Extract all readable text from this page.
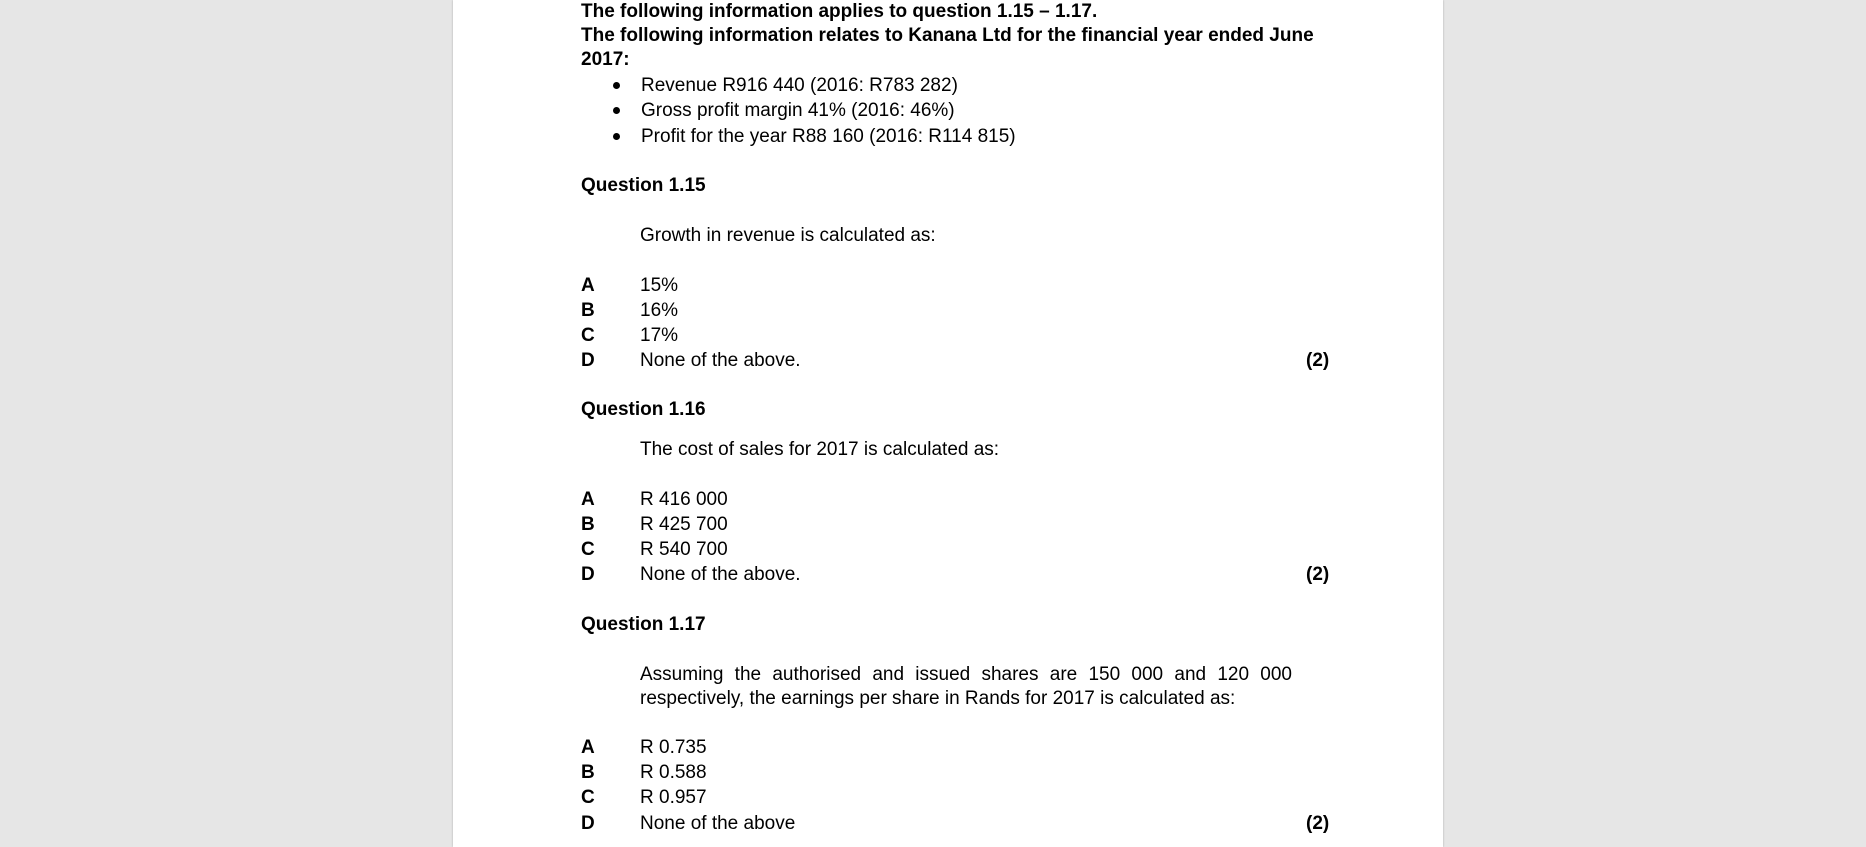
The following information applies to question 1.15 – 1.17.
The following information relates to Kanana Ltd for the financial year ended June
2017:
Revenue R916 440 (2016: R783 282)
Gross profit margin 41% (2016: 46%)
Profit for the year R88 160 (2016: R114 815)
Question 1.15
Growth in revenue is calculated as:
A 15%
B 16%
C 17%
D None of the above.	(2)
Question 1.16
The cost of sales for 2017 is calculated as:
A R 416 000
B R 425 700
C R 540 700
D None of the above.	(2)
Question 1.17
Assuming the authorised and issued shares are 150 000 and 120 000 respectively, the earnings per share in Rands for 2017 is calculated as:
A R 0.735
B R 0.588
C R 0.957
D None of the above	(2)
